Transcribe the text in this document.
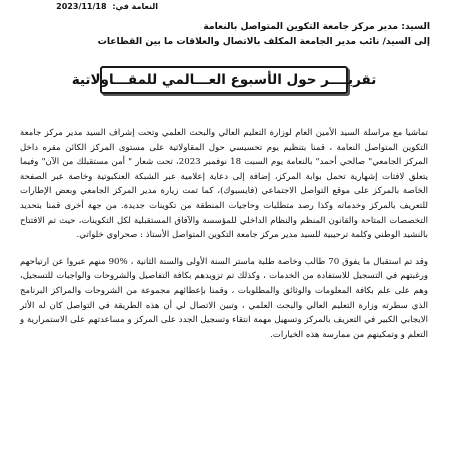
النعامة في: 2023/11/18
السيد: مدير مركز جامعة التكوين المتواصل بالنعامة
إلى السيد/ نائب مدير الجامعة المكلف بالاتصال والعلاقات ما بين القطاعات
تقريــــر حول الأسبوع العـــالمي للمقـــاولاتية

تماشيا مع مراسلة السيد الأمين العام لوزارة التعليم العالي والبحث العلمي وتحت إشراف السيد مدير مركز جامعة التكوين المتواصل النعامة ، قمنا بتنظيم يوم تحسيسي حول المقاولاتية على مستوى المركز الكائن مقره داخل المركز الجامعي" صالحي أحمد" بالنعامة يوم السبت 18 نوفمبر 2023، تحت شعار " أمن مستقبلك من الآن" وفيما يتعلق لافتات إشهارية تحمل بوابة المركز، إضافة إلى دعاية إعلامية عبر الشبكة العنكبوتية وخاصة عبر الصفحة الخاصة بالمركز على موقع التواصل الاجتماعي (فايسبوك)، كما تمت زيارة مدير المركز الجامعي وبعض الإطارات للتعريف بالمركز وخدماته وكذا رصد متطلبات وحاجيات المنطقة من تكوينات جديدة. من جهة أخرى قمنا بتحديد التخصصات المتاحة والقانون المنظم والنظام الداخلي للمؤسسة والآفاق المستقبلية لكل التكوينات، حيث تم الافتتاح بالنشيد الوطني وكلمة ترحيبية للسيد مدير مركز جامعة التكوين المتواصل الأستاذ : صحراوي خلواتي.

وقد تم استقبال ما يفوق 70 طالب وخاصة طلبة ماستر السنة الأولى والسنة الثانية ، %90 منهم عبروا عن ارتياحهم ورغبتهم في التسجيل للاستفادة من الخدمات ، وكذلك تم تزويدهم بكافة التفاصيل والشروحات والواجبات للتسجيل، وهم على علم بكافة المعلومات والوثائق والمطلوبات ، وقمنا بإعطائهم مجموعة من الشروحات والمراكز البرنامج الذي سطرته وزارة التعليم العالي والبحث العلمي ، وتبين الاتصال لي أن هذه الطريقة في التواصل كان له الأثر الايجابي الكبير في التعريف بالمركز وتسهيل مهمة انتقاء وتسجيل الجدد على المركز و مساعدتهم على الاستمرارية و التعلم و وتمكينهم من ممارسة هذه الخيارات.
